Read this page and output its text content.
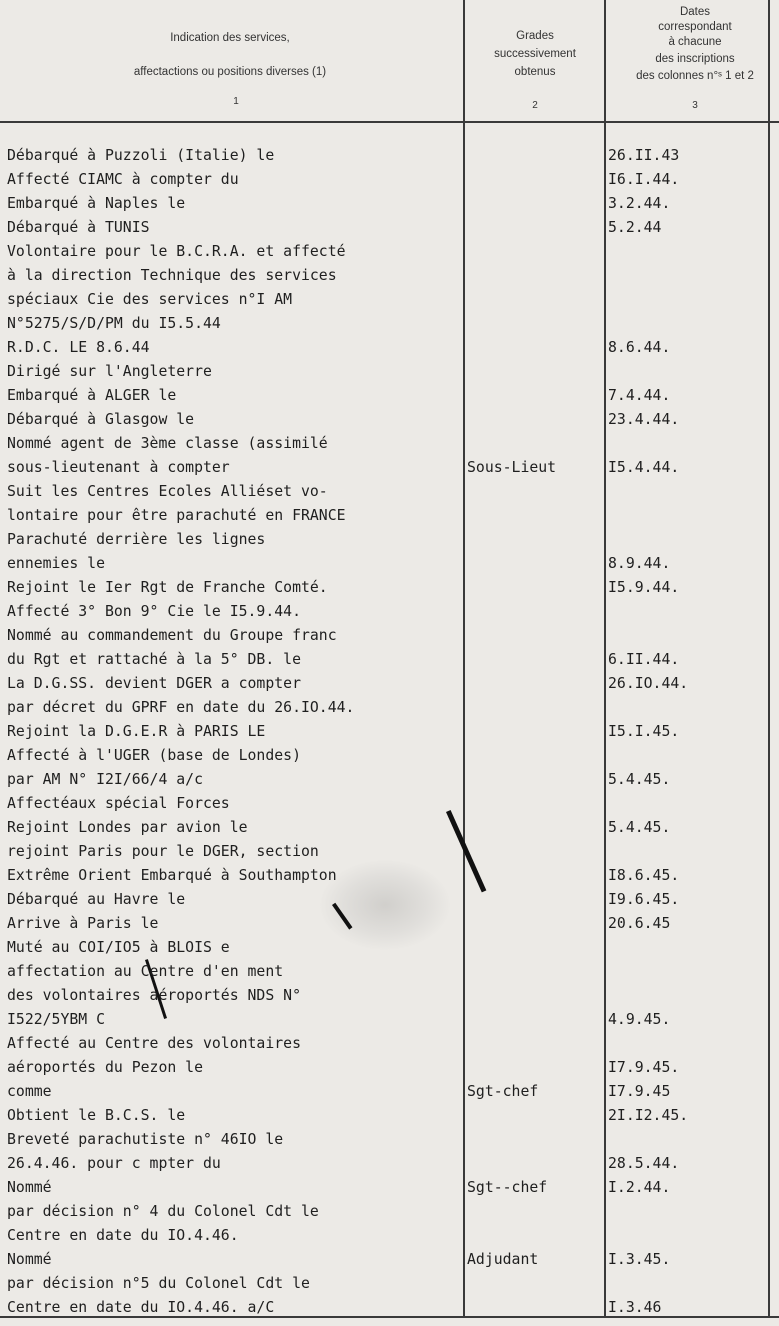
Indication des services,
affectactions ou positions diverses (1)
1
Grades
successivement
obtenus
2
Dates
correspondant
à chacune
des inscriptions
des colonnes n°ˢ 1 et 2
3
Débarqué à Puzzoli (Italie) le	26.II.43
Affecté CIAMC à compter du	I6.I.44.
Embarqué à Naples le	3.2.44.
Débarqué à TUNIS	5.2.44
Volontaire pour le B.C.R.A. et affecté
à la direction Technique des services
spéciaux Cie des services n°I AM
N°5275/S/D/PM du I5.5.44
R.D.C. LE 8.6.44	8.6.44.
Dirigé sur l'Angleterre
Embarqué à ALGER le	7.4.44.
Débarqué à Glasgow le	23.4.44.
Nommé agent de 3ème classe (assimilé
sous-lieutenant à compter	Sous-Lieut	I5.4.44.
Suit les Centres Ecoles Alliéset vo-
lontaire pour être parachuté en FRANCE
Parachuté derrière les lignes
ennemies le	8.9.44.
Rejoint le Ier Rgt de Franche Comté.	I5.9.44.
Affecté 3° Bon 9° Cie le I5.9.44.
Nommé au commandement du Groupe franc
du Rgt et rattaché à la 5° DB. le	6.II.44.
La D.G.SS. devient DGER a compter	26.IO.44.
par décret du GPRF en date du 26.IO.44.
Rejoint la D.G.E.R à PARIS LE	I5.I.45.
Affecté à l'UGER (base de Londes)
par AM N° I2I/66/4 a/c	5.4.45.
Affectéaux spécial Forces
Rejoint Londes par avion le	5.4.45.
rejoint Paris pour le DGER, section
Extrême Orient Embarqué à Southampton	I8.6.45.
Débarqué au Havre le	I9.6.45.
Arrive à Paris le	20.6.45
Muté au COI/IO5 à BLOIS e
affectation au Centre d'en ment
des volontaires aéroportés NDS N°
I522/5YBM C	4.9.45.
Affecté au Centre des volontaires
aéroportés du Pezon le	I7.9.45.
comme	Sgt-chef	I7.9.45
Obtient le B.C.S. le	2I.I2.45.
Breveté parachutiste n° 46IO le
26.4.46. pour c mpter du	28.5.44.
Nommé	Sgt--chef	I.2.44.
par décision n° 4 du Colonel Cdt le
Centre en date du IO.4.46.
Nommé	Adjudant	I.3.45.
par décision n°5 du Colonel Cdt le
Centre en date du IO.4.46. a/C	I.3.46
